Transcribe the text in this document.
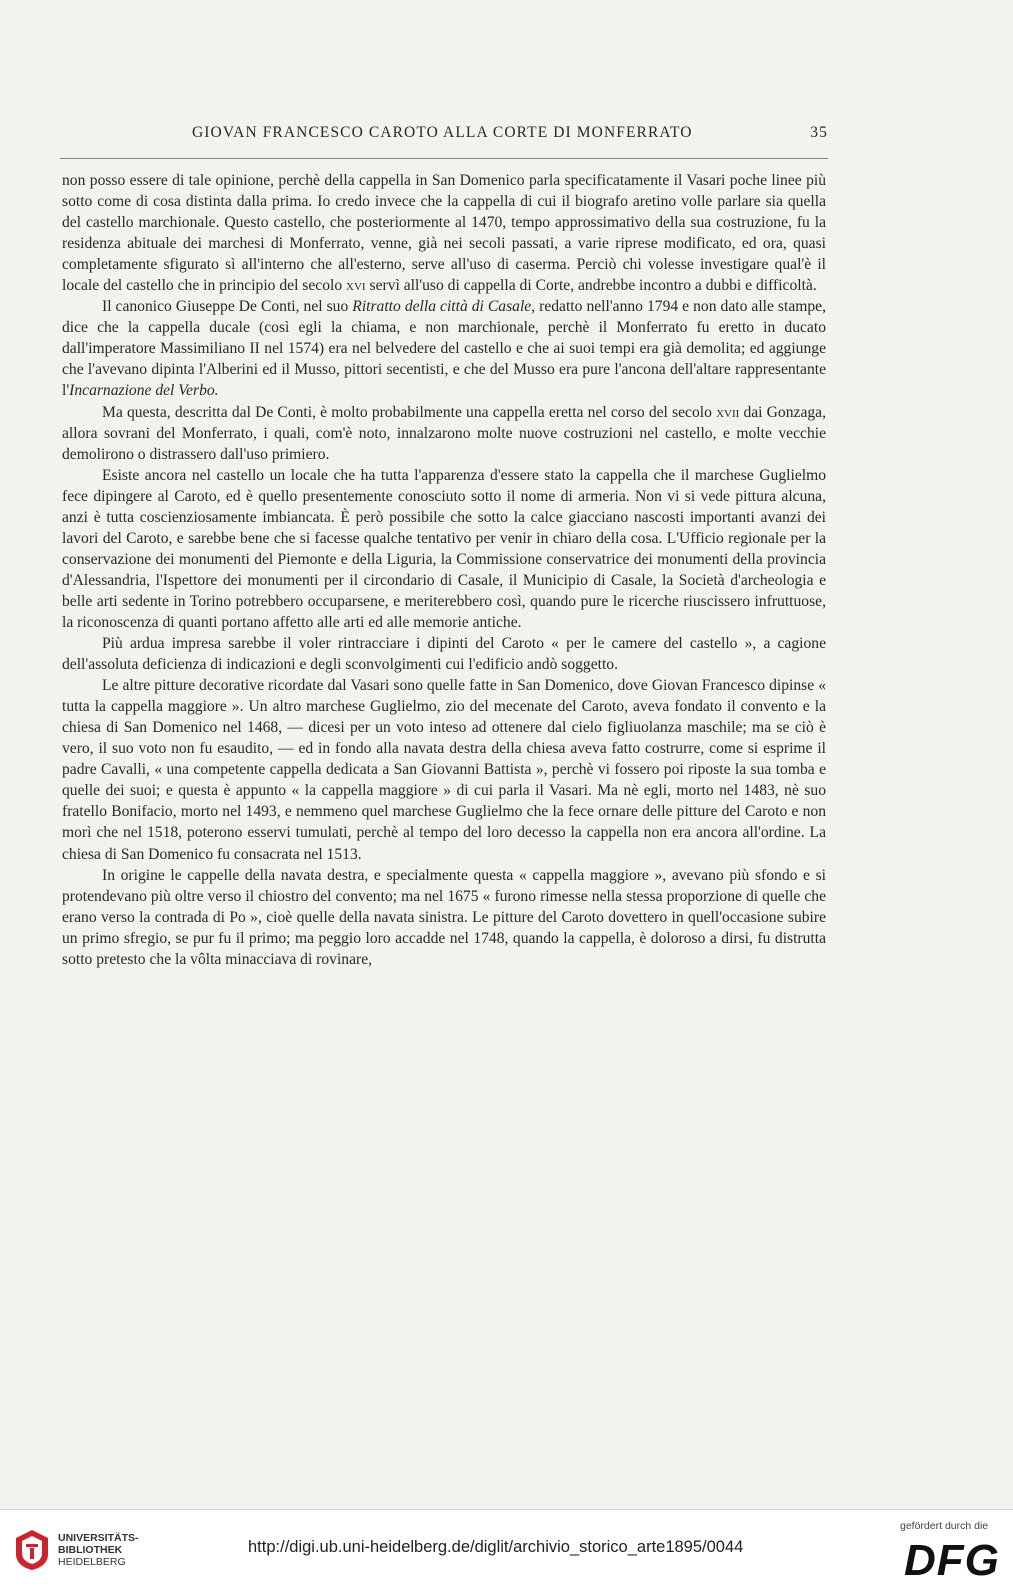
GIOVAN FRANCESCO CAROTO ALLA CORTE DI MONFERRATO	35

non posso essere di tale opinione, perchè della cappella in San Domenico parla specificatamente il Vasari poche linee più sotto come di cosa distinta dalla prima. Io credo invece che la cappella di cui il biografo aretino volle parlare sia quella del castello marchionale. Questo castello, che posteriormente al 1470, tempo approssimativo della sua costruzione, fu la residenza abituale dei marchesi di Monferrato, venne, già nei secoli passati, a varie riprese modificato, ed ora, quasi completamente sfigurato sì all'interno che all'esterno, serve all'uso di caserma. Perciò chi volesse investigare qual'è il locale del castello che in principio del secolo xvi servì all'uso di cappella di Corte, andrebbe incontro a dubbi e difficoltà.

Il canonico Giuseppe De Conti, nel suo Ritratto della città di Casale, redatto nell'anno 1794 e non dato alle stampe, dice che la cappella ducale (così egli la chiama, e non marchionale, perchè il Monferrato fu eretto in ducato dall'imperatore Massimiliano II nel 1574) era nel belvedere del castello e che ai suoi tempi era già demolita; ed aggiunge che l'avevano dipinta l'Alberini ed il Musso, pittori secentisti, e che del Musso era pure l'ancona dell'altare rappresentante l'Incarnazione del Verbo.

Ma questa, descritta dal De Conti, è molto probabilmente una cappella eretta nel corso del secolo xvii dai Gonzaga, allora sovrani del Monferrato, i quali, com'è noto, innalzarono molte nuove costruzioni nel castello, e molte vecchie demolirono o distrassero dall'uso primiero.

Esiste ancora nel castello un locale che ha tutta l'apparenza d'essere stato la cappella che il marchese Guglielmo fece dipingere al Caroto, ed è quello presentemente conosciuto sotto il nome di armeria. Non vi si vede pittura alcuna, anzi è tutta coscienziosamente imbiancata. È però possibile che sotto la calce giacciano nascosti importanti avanzi dei lavori del Caroto, e sarebbe bene che si facesse qualche tentativo per venir in chiaro della cosa. L'Ufficio regionale per la conservazione dei monumenti del Piemonte e della Liguria, la Commissione conservatrice dei monumenti della provincia d'Alessandria, l'Ispettore dei monumenti per il circondario di Casale, il Municipio di Casale, la Società d'archeologia e belle arti sedente in Torino potrebbero occuparsene, e meriterebbero così, quando pure le ricerche riuscissero infruttuose, la riconoscenza di quanti portano affetto alle arti ed alle memorie antiche.

Più ardua impresa sarebbe il voler rintracciare i dipinti del Caroto « per le camere del castello », a cagione dell'assoluta deficienza di indicazioni e degli sconvolgimenti cui l'edificio andò soggetto.

Le altre pitture decorative ricordate dal Vasari sono quelle fatte in San Domenico, dove Giovan Francesco dipinse « tutta la cappella maggiore ». Un altro marchese Guglielmo, zio del mecenate del Caroto, aveva fondato il convento e la chiesa di San Domenico nel 1468, — dicesi per un voto inteso ad ottenere dal cielo figliuolanza maschile; ma se ciò è vero, il suo voto non fu esaudito, — ed in fondo alla navata destra della chiesa aveva fatto costrurre, come si esprime il padre Cavalli, « una competente cappella dedicata a San Giovanni Battista », perchè vi fossero poi riposte la sua tomba e quelle dei suoi; e questa è appunto « la cappella maggiore » di cui parla il Vasari. Ma nè egli, morto nel 1483, nè suo fratello Bonifacio, morto nel 1493, e nemmeno quel marchese Guglielmo che la fece ornare delle pitture del Caroto e non morì che nel 1518, poterono esservi tumulati, perchè al tempo del loro decesso la cappella non era ancora all'ordine. La chiesa di San Domenico fu consacrata nel 1513.

In origine le cappelle della navata destra, e specialmente questa « cappella maggiore », avevano più sfondo e si protendevano più oltre verso il chiostro del convento; ma nel 1675 « furono rimesse nella stessa proporzione di quelle che erano verso la contrada di Po », cioè quelle della navata sinistra. Le pitture del Caroto dovettero in quell'occasione subire un primo sfregio, se pur fu il primo; ma peggio loro accadde nel 1748, quando la cappella, è doloroso a dirsi, fu distrutta sotto pretesto che la vôlta minacciava di rovinare,

UNIVERSITÄTS-
BIBLIOTHEK
HEIDELBERG
http://digi.ub.uni-heidelberg.de/diglit/archivio_storico_arte1895/0044
gefördert durch die
DFG
